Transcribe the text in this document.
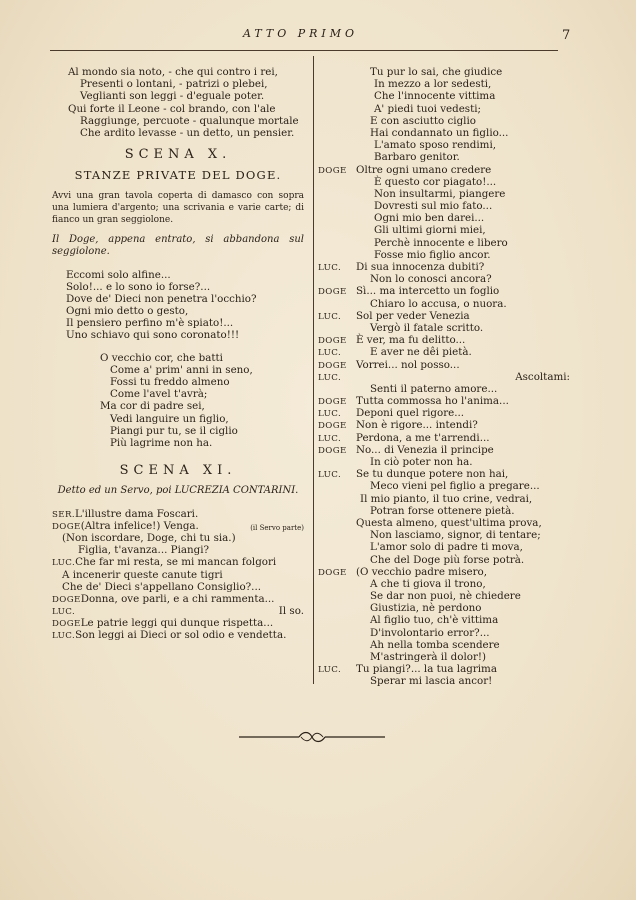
ATTO PRIMO	7
Al mondo sia noto, - che qui contro i rei,
Presenti o lontani, - patrizi o plebei,
Veglianti son leggi - d'eguale poter.
Qui forte il Leone - col brando, con l'ale
Raggiunge, percuote - qualunque mortale
Che ardito levasse - un detto, un pensier.
SCENA X.
STANZE PRIVATE DEL DOGE.
Avvi una gran tavola coperta di damasco con sopra una lumiera d'argento; una scrivania e varie carte; di fianco un gran seggiolone.
Il Doge, appena entrato, si abbandona sul seggiolone.
Eccomi solo alfine...
Solo!... e lo sono io forse?...
Dove de' Dieci non penetra l'occhio?
Ogni mio detto o gesto,
Il pensiero perfino m'è spiato!...
Uno schiavo qui sono coronato!!!
O vecchio cor, che batti
Come a' prim' anni in seno,
Fossi tu freddo almeno
Come l'avel t'avrà;
Ma cor di padre sei,
Vedi languire un figlio,
Piangi pur tu, se il ciglio
Più lagrime non ha.
SCENA XI.
Detto ed un Servo, poi LUCREZIA CONTARINI.
SER.L'illustre dama Foscari.
DOGE(Altra infelice!) Venga.	(il Servo parte)
(Non iscordare, Doge, chi tu sia.)
Figlia, t'avanza... Piangi?
LUC.Che far mi resta, se mi mancan folgori
A incenerir queste canute tigri
Che de' Dieci s'appellano Consiglio?...
DOGEDonna, ove parli, e a chi rammenta...
LUC.	Il so.
DOGELe patrie leggi qui dunque rispetta...
LUC.Son leggi ai Dieci or sol odio e vendetta.
Tu pur lo sai, che giudice
In mezzo a lor sedesti,
Che l'innocente vittima
A' piedi tuoi vedesti;
E con asciutto ciglio
Hai condannato un figlio...
L'amato sposo rendimi,
Barbaro genitor.
DOGE Oltre ogni umano credere
È questo cor piagato!...
Non insultarmi, piangere
Dovresti sul mio fato...
Ogni mio ben darei...
Gli ultimi giorni miei,
Perchè innocente e libero
Fosse mio figlio ancor.
LUC. Di sua innocenza dubiti?
Non lo conosci ancora?
DOGE Sì... ma intercetto un foglio
Chiaro lo accusa, o nuora.
LUC. Sol per veder Venezia
Vergò il fatale scritto.
DOGE È ver, ma fu delitto...
LUC.	E aver ne dêi pietà.
DOGE Vorrei... nol posso...
LUC.	Ascoltami:
Senti il paterno amore...
DOGE Tutta commossa ho l'anima...
LUC. Deponi quel rigore...
DOGE Non è rigore... intendi?
LUC. Perdona, a me t'arrendi...
DOGE No... di Venezia il principe
In ciò poter non ha.
LUC. Se tu dunque potere non hai,
Meco vieni pel figlio a pregare...
Il mio pianto, il tuo crine, vedrai,
Potran forse ottenere pietà.
Questa almeno, quest'ultima prova,
Non lasciamo, signor, di tentare;
L'amor solo di padre ti mova,
Che del Doge più forse potrà.
DOGE (O vecchio padre misero,
A che ti giova il trono,
Se dar non puoi, nè chiedere
Giustizia, nè perdono
Al figlio tuo, ch'è vittima
D'involontario error?...
Ah nella tomba scendere
M'astringerà il dolor!)
LUC. Tu piangi?... la tua lagrima
Sperar mi lascia ancor!
